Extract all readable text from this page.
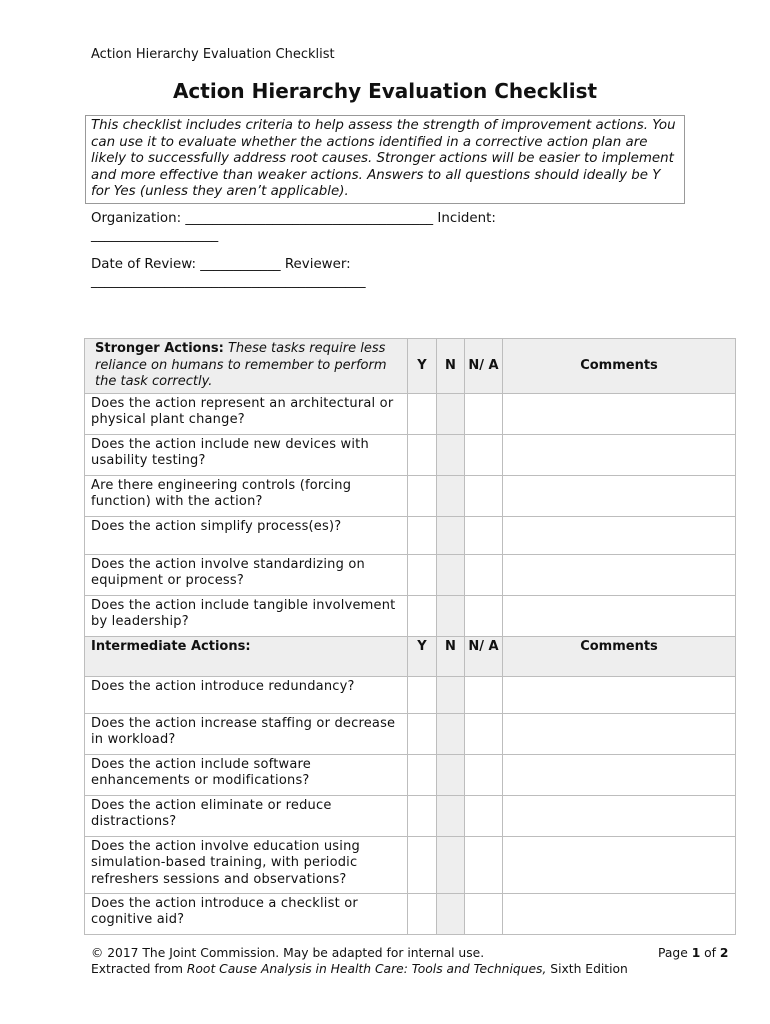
Action Hierarchy Evaluation Checklist
Action Hierarchy Evaluation Checklist
This checklist includes criteria to help assess the strength of improvement actions. You can use it to evaluate whether the actions identified in a corrective action plan are likely to successfully address root causes. Stronger actions will be easier to implement and more effective than weaker actions. Answers to all questions should ideally be Y for Yes (unless they aren’t applicable).
Organization: _____________________________________ Incident:
___________________
Date of Review: ____________ Reviewer:
_________________________________________
Stronger Actions: These tasks require less reliance on humans to remember to perform the task correctly.	Y	N	N/ A	Comments
Does the action represent an architectural or physical plant change?				
Does the action include new devices with usability testing?				
Are there engineering controls (forcing function) with the action?				
Does the action simplify process(es)?				
Does the action involve standardizing on equipment or process?				
Does the action include tangible involvement by leadership?				
Intermediate Actions:	Y	N	N/ A	Comments
Does the action introduce redundancy?				
Does the action increase staffing or decrease in workload?				
Does the action include software enhancements or modifications?				
Does the action eliminate or reduce distractions?				
Does the action involve education using simulation-based training, with periodic refreshers sessions and observations?				
Does the action introduce a checklist or cognitive aid?				
© 2017 The Joint Commission. May be adapted for internal use.	Page 1 of 2
Extracted from Root Cause Analysis in Health Care: Tools and Techniques, Sixth Edition
